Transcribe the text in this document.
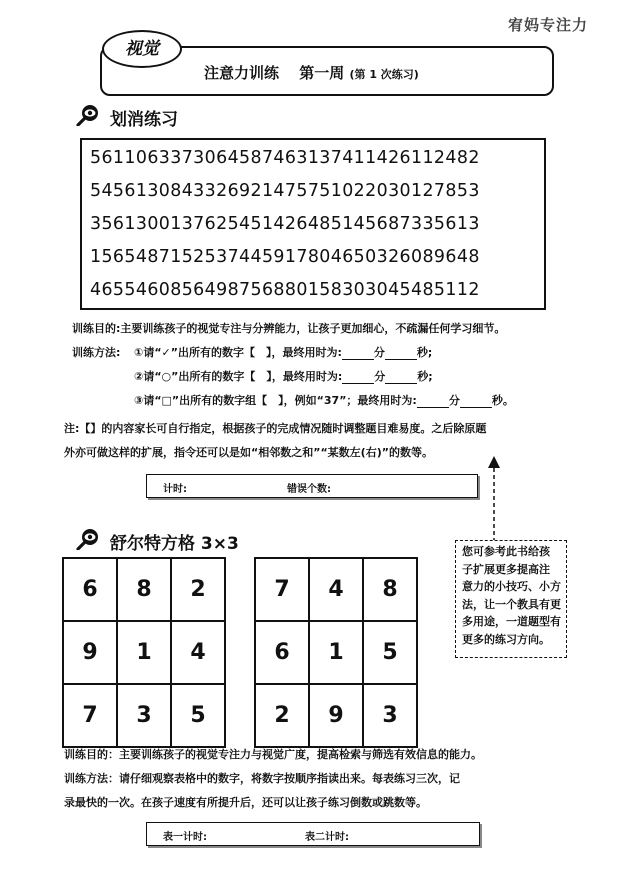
宥妈专注力
视觉
注意力训练　 第一周 (第 1 次练习)
划消练习
5611063373064587463137411426112482
5456130843326921475751022030127853
3561300137625451426485145687335613
1565487152537445917804650326089648
4655460856498756880158303045485112
训练目的:主要训练孩子的视觉专注与分辨能力，让孩子更加细心，不疏漏任何学习细节。
训练方法: ①请“✓”出所有的数字【　】，最终用时为:	分	秒;
②请“○”出所有的数字【　】，最终用时为:	分	秒;
③请“□”出所有的数字组【　】，例如“37”；最终用时为:	分	秒。
注:【】的内容家长可自行指定，根据孩子的完成情况随时调整题目难易度。之后除原题
外亦可做这样的扩展，指令还可以是如“相邻数之和”“某数左(右)”的数等。
计时:	错误个数:
舒尔特方格 3×3
6	8	2
9	1	4
7	3	5
7	4	8
6	1	5
2	9	3
您可参考此书给孩
子扩展更多提高注
意力的小技巧、小方
法，让一个教具有更
多用途，一道题型有
更多的练习方向。
训练目的：主要训练孩子的视觉专注力与视觉广度，提高检索与筛选有效信息的能力。
训练方法：请仔细观察表格中的数字，将数字按顺序指读出来。每表练习三次，记
录最快的一次。在孩子速度有所提升后，还可以让孩子练习倒数或跳数等。
表一计时:	表二计时:
